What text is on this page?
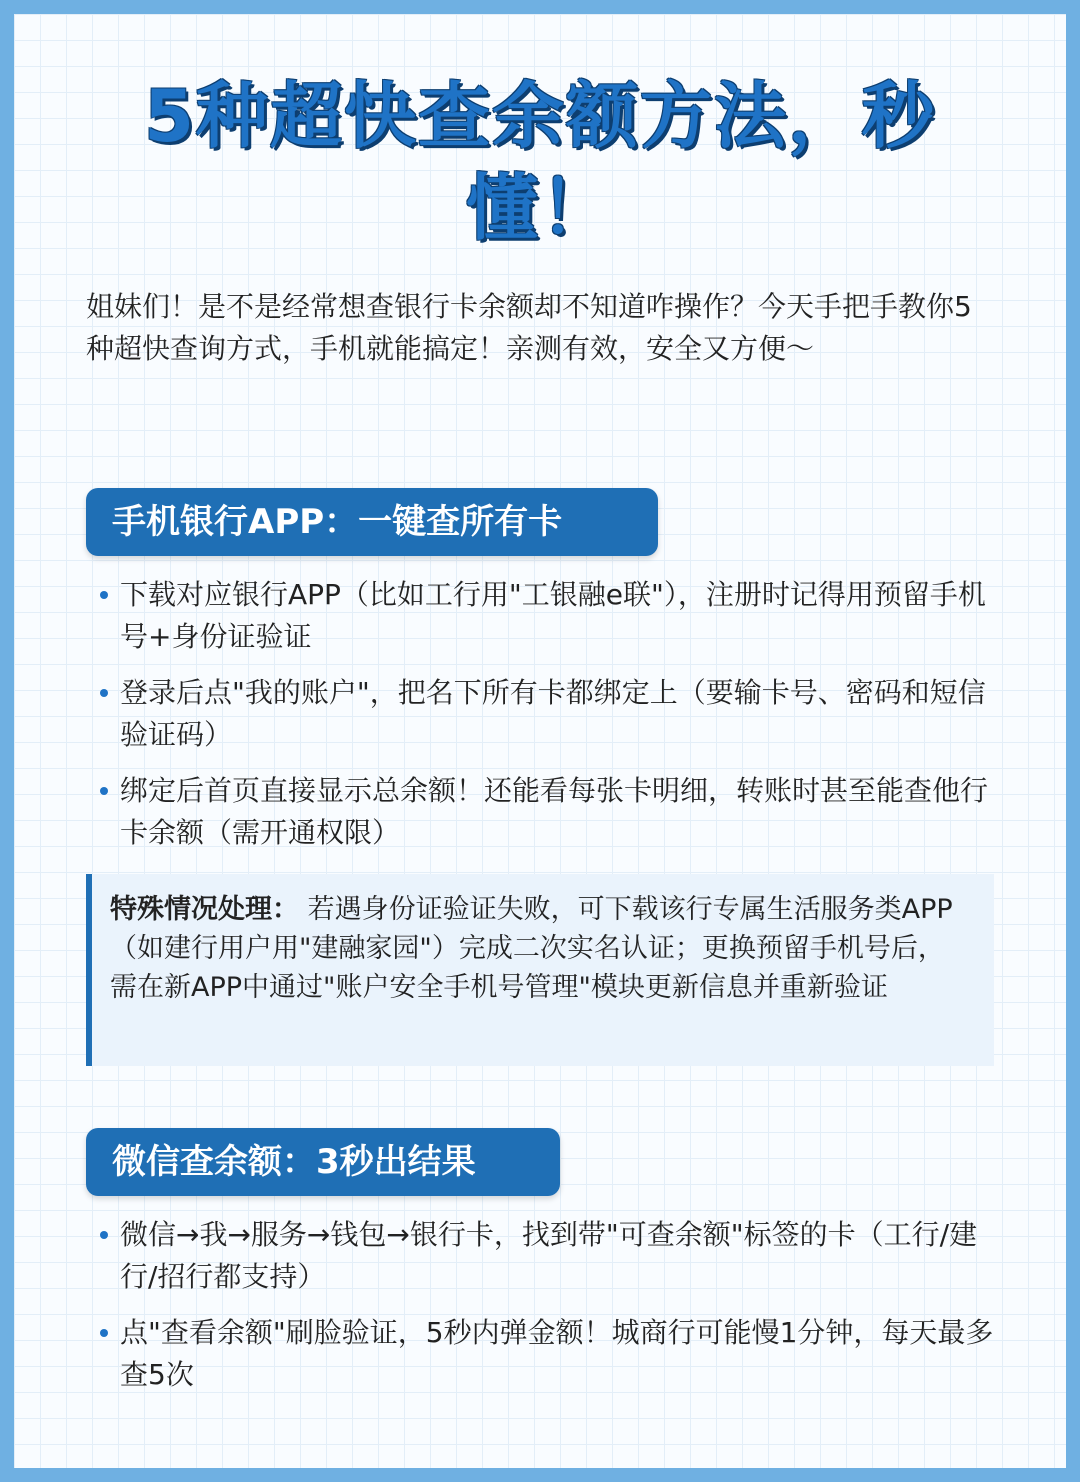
5种超快查余额方法，秒懂！

姐妹们！是不是经常想查银行卡余额却不知道咋操作？今天手把手教你5种超快查询方式，手机就能搞定！亲测有效，安全又方便～

手机银行APP：一键查所有卡
下载对应银行APP（比如工行用"工银融e联"），注册时记得用预留手机号+身份证验证
登录后点"我的账户"，把名下所有卡都绑定上（要输卡号、密码和短信验证码）
绑定后首页直接显示总余额！还能看每张卡明细，转账时甚至能查他行卡余额（需开通权限）
特殊情况处理： 若遇身份证验证失败，可下载该行专属生活服务类APP（如建行用户用"建融家园"）完成二次实名认证；更换预留手机号后，需在新APP中通过"账户安全手机号管理"模块更新信息并重新验证
微信查余额：3秒出结果
微信→我→服务→钱包→银行卡，找到带"可查余额"标签的卡（工行/建行/招行都支持）
点"查看余额"刷脸验证，5秒内弹金额！城商行可能慢1分钟，每天最多查5次
